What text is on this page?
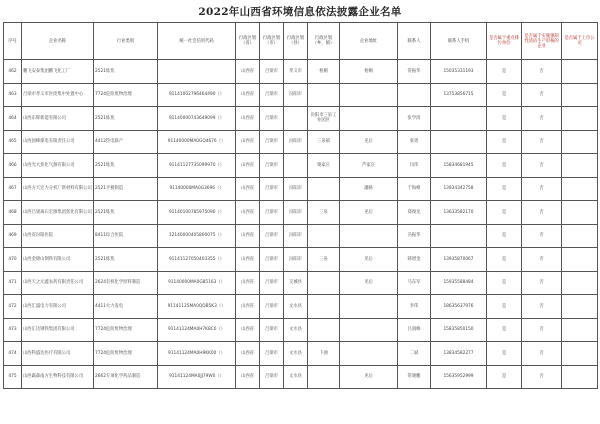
2022年山西省环境信息依法披露企业名单
序号	企业名称	行业类别	统一社会信用代码	行政区划（省）	行政区划（市）	行政区划（县）	行政区划（乡、镇）	企业地址	联系人	联系人手机	是否属于重点排污单位	是否属于实施强制性清洁生产审核的企业	是否属于上市公司
462	鹏飞安泰集团鹏飞化工厂	2521炼焦		山西省	吕梁市	孝义市	梧桐	梧桐	常振华	15035331193	是	否	
463	吕梁市孝义市医废集中处置中心	7724危险废物治理	91141002796464490（）	山西省	吕梁市	汾阳市				13753856715	是	否	
464	山西东辉新能有限公司	2521炼焦	91140000743649099（）	山西省	吕梁市		汾阳市三泉工业园区		张学清		是	否	
465	山西国峰煤电有限责任公司	4412热电联产	91140000MA0GQ4676（）	山西省	吕梁市	汾阳市	三泉镇	见后	张勇		是	否	
466	山西光大焦化气源有限公司	2521炼焦	91141127735099970（）	山西省	吕梁市		栗家庄	芦家庄	闫伟	15834681945	是	否	
467	山西方天宏力分析厂新材料有限公司	2521平板制造	91140000MA0G3696（）	山西省	吕梁市	汾阳市		潘路	于海峰	13934342758	是	否	
468	山西吕梁离石宏源集团焦化有限公司	2521炼焦	91140100785975090（）	山西省	吕梁市	汾阳市	三泉	见后	郑俊龙	13633582170	是	否	
469	山西省汾阳医院	8411综合医院	12140000405800075（）	山西省	吕梁市	汾阳市			冯振华		是	否	
470	山西金锦山钢铁有限公司	2521炼焦	91141127050403355（）	山西省	吕梁市	汾阳市	三泉	见后	韩增金	13935870067	是	否	
471	山西天之元鑫农药有限责任公司	2624有机化学原料制造	91140000MA0G85163（）	山西省	吕梁市	交城县		见后	马东军	15935588484	是	否	
472	山西汇盛电力有限公司	4411火力发电	91141125MA0QQB5K3（）	山西省	吕梁市	文水县			李伟	18635637976	是	否	
473	山西汇达钢铁集团有限公司	7724危险废物治理	91141124MA0H7K8C0（）	山西省	吕梁市	文水县			吕润峰	15835850150	是	否	
474	山西科盛达医疗有限公司	7724危险废物治理	91141124MA0H9KK00（）	山西省	吕梁市	文水县	下曲		二斌	13834582277	是	否	
475	山西霸森南方生物科技有限公司	2662专项化学药品制造	91141124MA0JJ79W0（）	山西省	吕梁市	文水县		见后	常晓鹏	15635952999	是	否	
